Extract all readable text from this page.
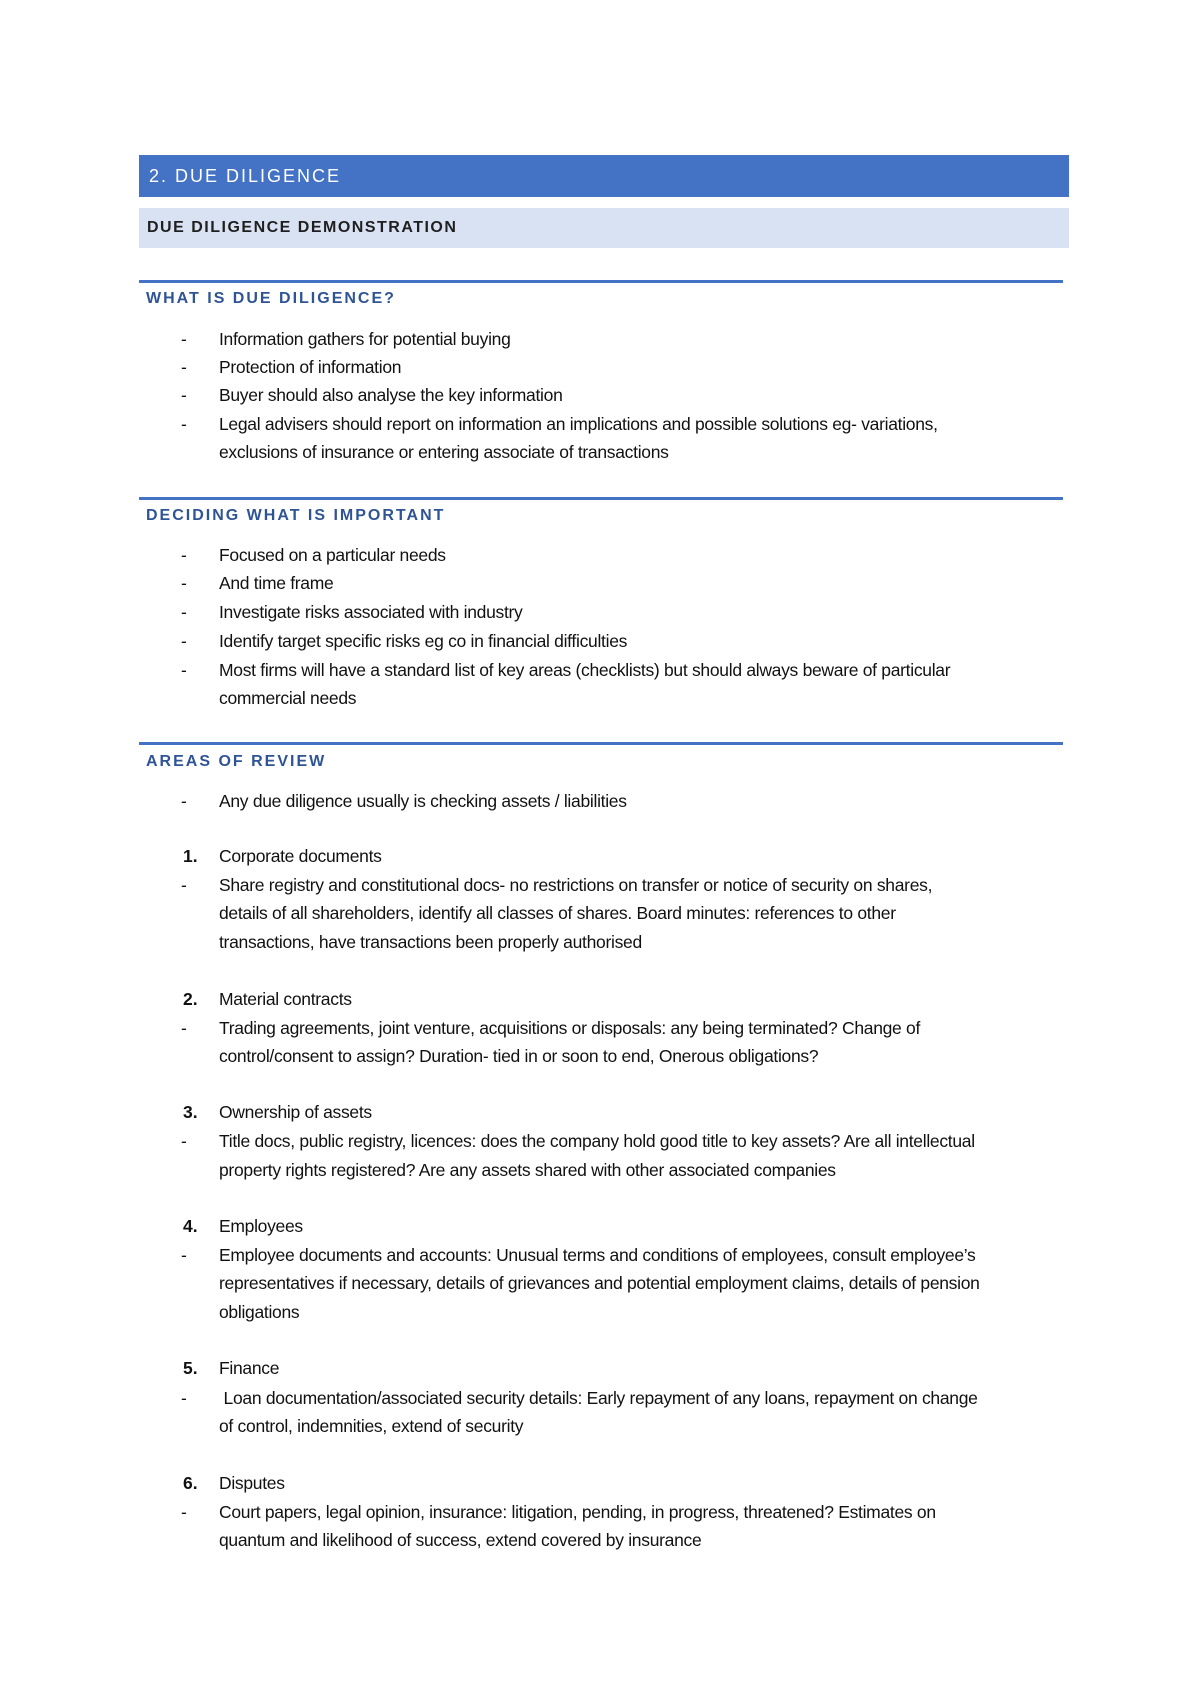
2. DUE DILIGENCE
DUE DILIGENCE DEMONSTRATION
WHAT IS DUE DILIGENCE?
-	Information gathers for potential buying
-	Protection of information
-	Buyer should also analyse the key information
-	Legal advisers should report on information an implications and possible solutions eg- variations,
exclusions of insurance or entering associate of transactions
DECIDING WHAT IS IMPORTANT
-	Focused on a particular needs
-	And time frame
-	Investigate risks associated with industry
-	Identify target specific risks eg co in financial difficulties
-	Most firms will have a standard list of key areas (checklists) but should always beware of particular
commercial needs
AREAS OF REVIEW
-	Any due diligence usually is checking assets / liabilities
1.	Corporate documents
-	Share registry and constitutional docs- no restrictions on transfer or notice of security on shares,
details of all shareholders, identify all classes of shares. Board minutes: references to other
transactions, have transactions been properly authorised
2.	Material contracts
-	Trading agreements, joint venture, acquisitions or disposals: any being terminated? Change of
control/consent to assign? Duration- tied in or soon to end, Onerous obligations?
3.	Ownership of assets
-	Title docs, public registry, licences: does the company hold good title to key assets? Are all intellectual
property rights registered? Are any assets shared with other associated companies
4.	Employees
-	Employee documents and accounts: Unusual terms and conditions of employees, consult employee’s
representatives if necessary, details of grievances and potential employment claims, details of pension
obligations
5.	Finance
-	Loan documentation/associated security details: Early repayment of any loans, repayment on change
of control, indemnities, extend of security
6.	Disputes
-	Court papers, legal opinion, insurance: litigation, pending, in progress, threatened? Estimates on
quantum and likelihood of success, extend covered by insurance
